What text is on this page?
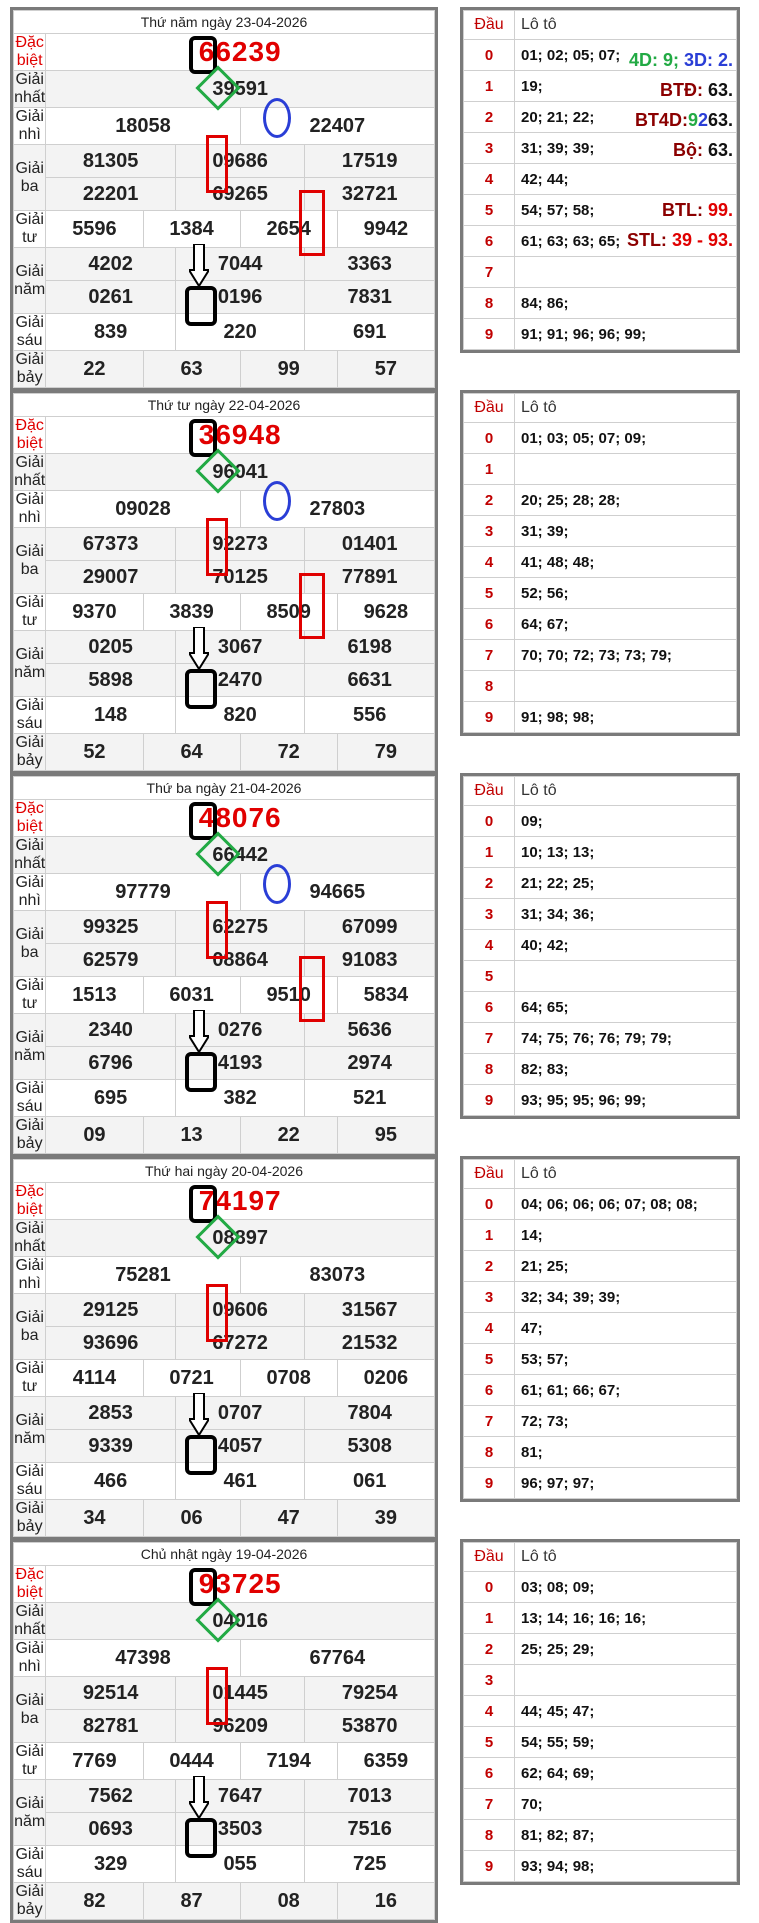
Thứ năm ngày 23-04-2026						
Đặc biệt	66239					
Giải nhất	39591					
Giải nhì	18058			22407		
Giải ba	81305		09686		17519	
	22201		69265		32721	
Giải tư	5596	1384		2654		9942
Giải năm	4202		7044		3363	
	0261		0196		7831	
Giải sáu	839		220		691	
Giải bảy	22	63		99		57
Đầu	Lô tô
0	01; 02; 05; 07;
1	19;
2	20; 21; 22;
3	31; 39; 39;
4	42; 44;
5	54; 57; 58;
6	61; 63; 63; 65;
7	
8	84; 86;
9	91; 91; 96; 96; 99;
4D: 9; 3D: 2.
BTĐ: 63.
BT4D:9263.
Bộ: 63.
BTL: 99.
STL: 39 - 93.
Thứ tư ngày 22-04-2026						
Đặc biệt	36948					
Giải nhất	96041					
Giải nhì	09028			27803		
Giải ba	67373		92273		01401	
	29007		70125		77891	
Giải tư	9370	3839		8509		9628
Giải năm	0205		3067		6198	
	5898		2470		6631	
Giải sáu	148		820		556	
Giải bảy	52	64		72		79
Đầu	Lô tô
0	01; 03; 05; 07; 09;
1	
2	20; 25; 28; 28;
3	31; 39;
4	41; 48; 48;
5	52; 56;
6	64; 67;
7	70; 70; 72; 73; 73; 79;
8	
9	91; 98; 98;
Thứ ba ngày 21-04-2026						
Đặc biệt	48076					
Giải nhất	66442					
Giải nhì	97779			94665		
Giải ba	99325		62275		67099	
	62579		08864		91083	
Giải tư	1513	6031		9510		5834
Giải năm	2340		0276		5636	
	6796		4193		2974	
Giải sáu	695		382		521	
Giải bảy	09	13		22		95
Đầu	Lô tô
0	09;
1	10; 13; 13;
2	21; 22; 25;
3	31; 34; 36;
4	40; 42;
5	
6	64; 65;
7	74; 75; 76; 76; 79; 79;
8	82; 83;
9	93; 95; 95; 96; 99;
Thứ hai ngày 20-04-2026						
Đặc biệt	74197					
Giải nhất	08897					
Giải nhì	75281			83073		
Giải ba	29125		09606		31567	
	93696		67272		21532	
Giải tư	4114	0721		0708		0206
Giải năm	2853		0707		7804	
	9339		4057		5308	
Giải sáu	466		461		061	
Giải bảy	34	06		47		39
Đầu	Lô tô
0	04; 06; 06; 06; 07; 08; 08;
1	14;
2	21; 25;
3	32; 34; 39; 39;
4	47;
5	53; 57;
6	61; 61; 66; 67;
7	72; 73;
8	81;
9	96; 97; 97;
Chủ nhật ngày 19-04-2026						
Đặc biệt	93725					
Giải nhất	04016					
Giải nhì	47398			67764		
Giải ba	92514		01445		79254	
	82781		96209		53870	
Giải tư	7769	0444		7194		6359
Giải năm	7562		7647		7013	
	0693		3503		7516	
Giải sáu	329		055		725	
Giải bảy	82	87		08		16
Đầu	Lô tô
0	03; 08; 09;
1	13; 14; 16; 16; 16;
2	25; 25; 29;
3	
4	44; 45; 47;
5	54; 55; 59;
6	62; 64; 69;
7	70;
8	81; 82; 87;
9	93; 94; 98;
